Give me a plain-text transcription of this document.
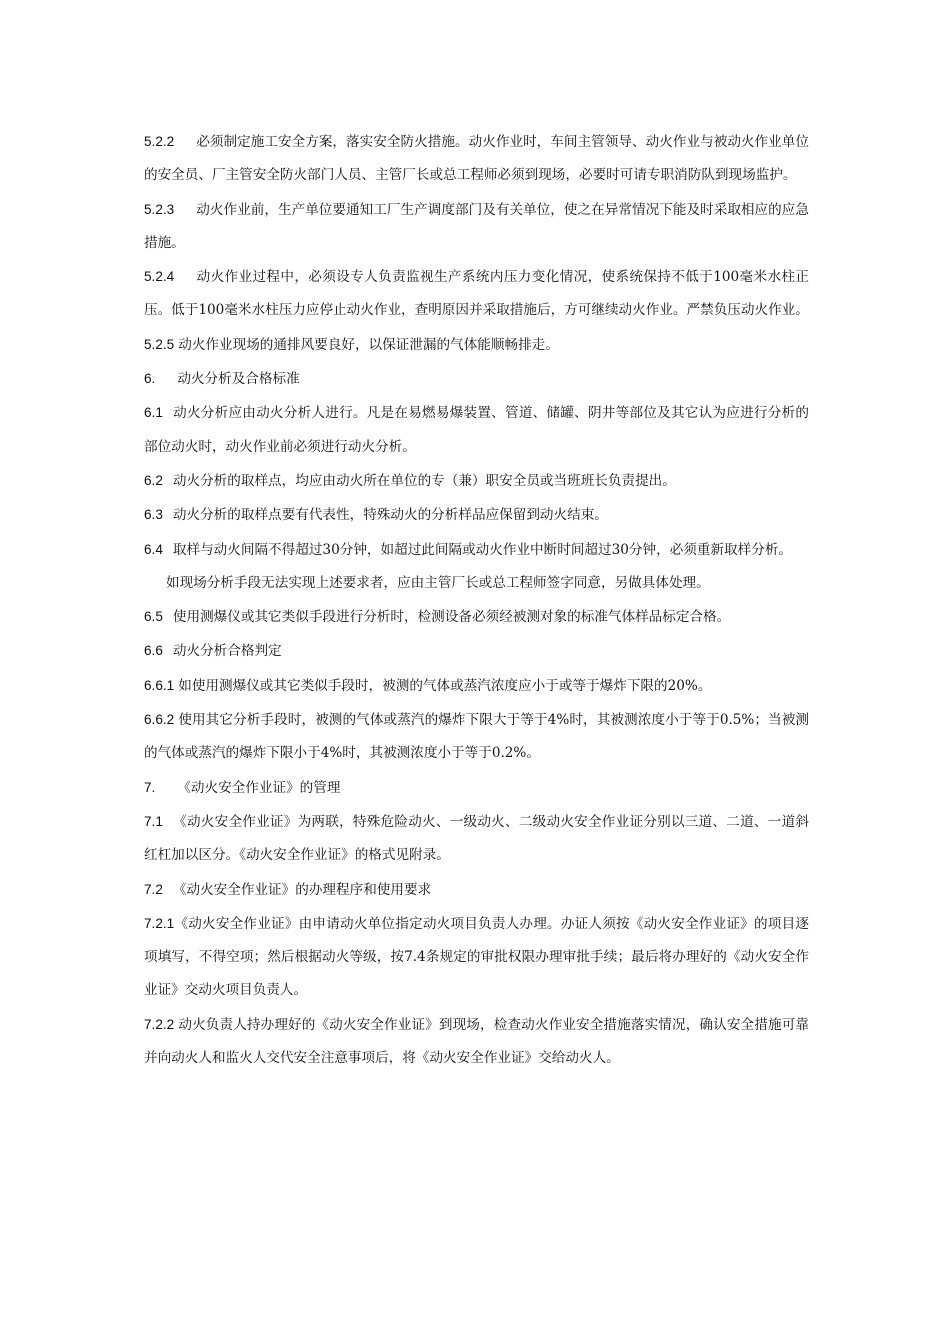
5.2.2 必须制定施工安全方案，落实安全防火措施。动火作业时，车间主管领导、动火作业与被动火作业单位的安全员、厂主管安全防火部门人员、主管厂长或总工程师必须到现场，必要时可请专职消防队到现场监护。

5.2.3 动火作业前，生产单位要通知工厂生产调度部门及有关单位，使之在异常情况下能及时采取相应的应急措施。

5.2.4 动火作业过程中，必须设专人负责监视生产系统内压力变化情况，使系统保持不低于100毫米水柱正压。低于100毫米水柱压力应停止动火作业，查明原因并采取措施后，方可继续动火作业。严禁负压动火作业。

5.2.5 动火作业现场的通排风要良好，以保证泄漏的气体能顺畅排走。

6. 动火分析及合格标准

6.1 动火分析应由动火分析人进行。凡是在易燃易爆装置、管道、储罐、阴井等部位及其它认为应进行分析的部位动火时，动火作业前必须进行动火分析。

6.2 动火分析的取样点，均应由动火所在单位的专（兼）职安全员或当班班长负责提出。

6.3 动火分析的取样点要有代表性，特殊动火的分析样品应保留到动火结束。

6.4 取样与动火间隔不得超过30分钟，如超过此间隔或动火作业中断时间超过30分钟，必须重新取样分析。

如现场分析手段无法实现上述要求者，应由主管厂长或总工程师签字同意，另做具体处理。

6.5 使用测爆仪或其它类似手段进行分析时，检测设备必须经被测对象的标准气体样品标定合格。

6.6 动火分析合格判定

6.6.1 如使用测爆仪或其它类似手段时，被测的气体或蒸汽浓度应小于或等于爆炸下限的20%。

6.6.2 使用其它分析手段时，被测的气体或蒸汽的爆炸下限大于等于4%时，其被测浓度小于等于0.5%；当被测的气体或蒸汽的爆炸下限小于4%时，其被测浓度小于等于0.2%。

7. 《动火安全作业证》的管理

7.1 《动火安全作业证》为两联，特殊危险动火、一级动火、二级动火安全作业证分别以三道、二道、一道斜红杠加以区分。《动火安全作业证》的格式见附录。

7.2 《动火安全作业证》的办理程序和使用要求

7.2.1《动火安全作业证》由申请动火单位指定动火项目负责人办理。办证人须按《动火安全作业证》的项目逐项填写，不得空项；然后根据动火等级，按7.4条规定的审批权限办理审批手续；最后将办理好的《动火安全作业证》交动火项目负责人。

7.2.2 动火负责人持办理好的《动火安全作业证》到现场，检查动火作业安全措施落实情况，确认安全措施可靠并向动火人和监火人交代安全注意事项后，将《动火安全作业证》交给动火人。
